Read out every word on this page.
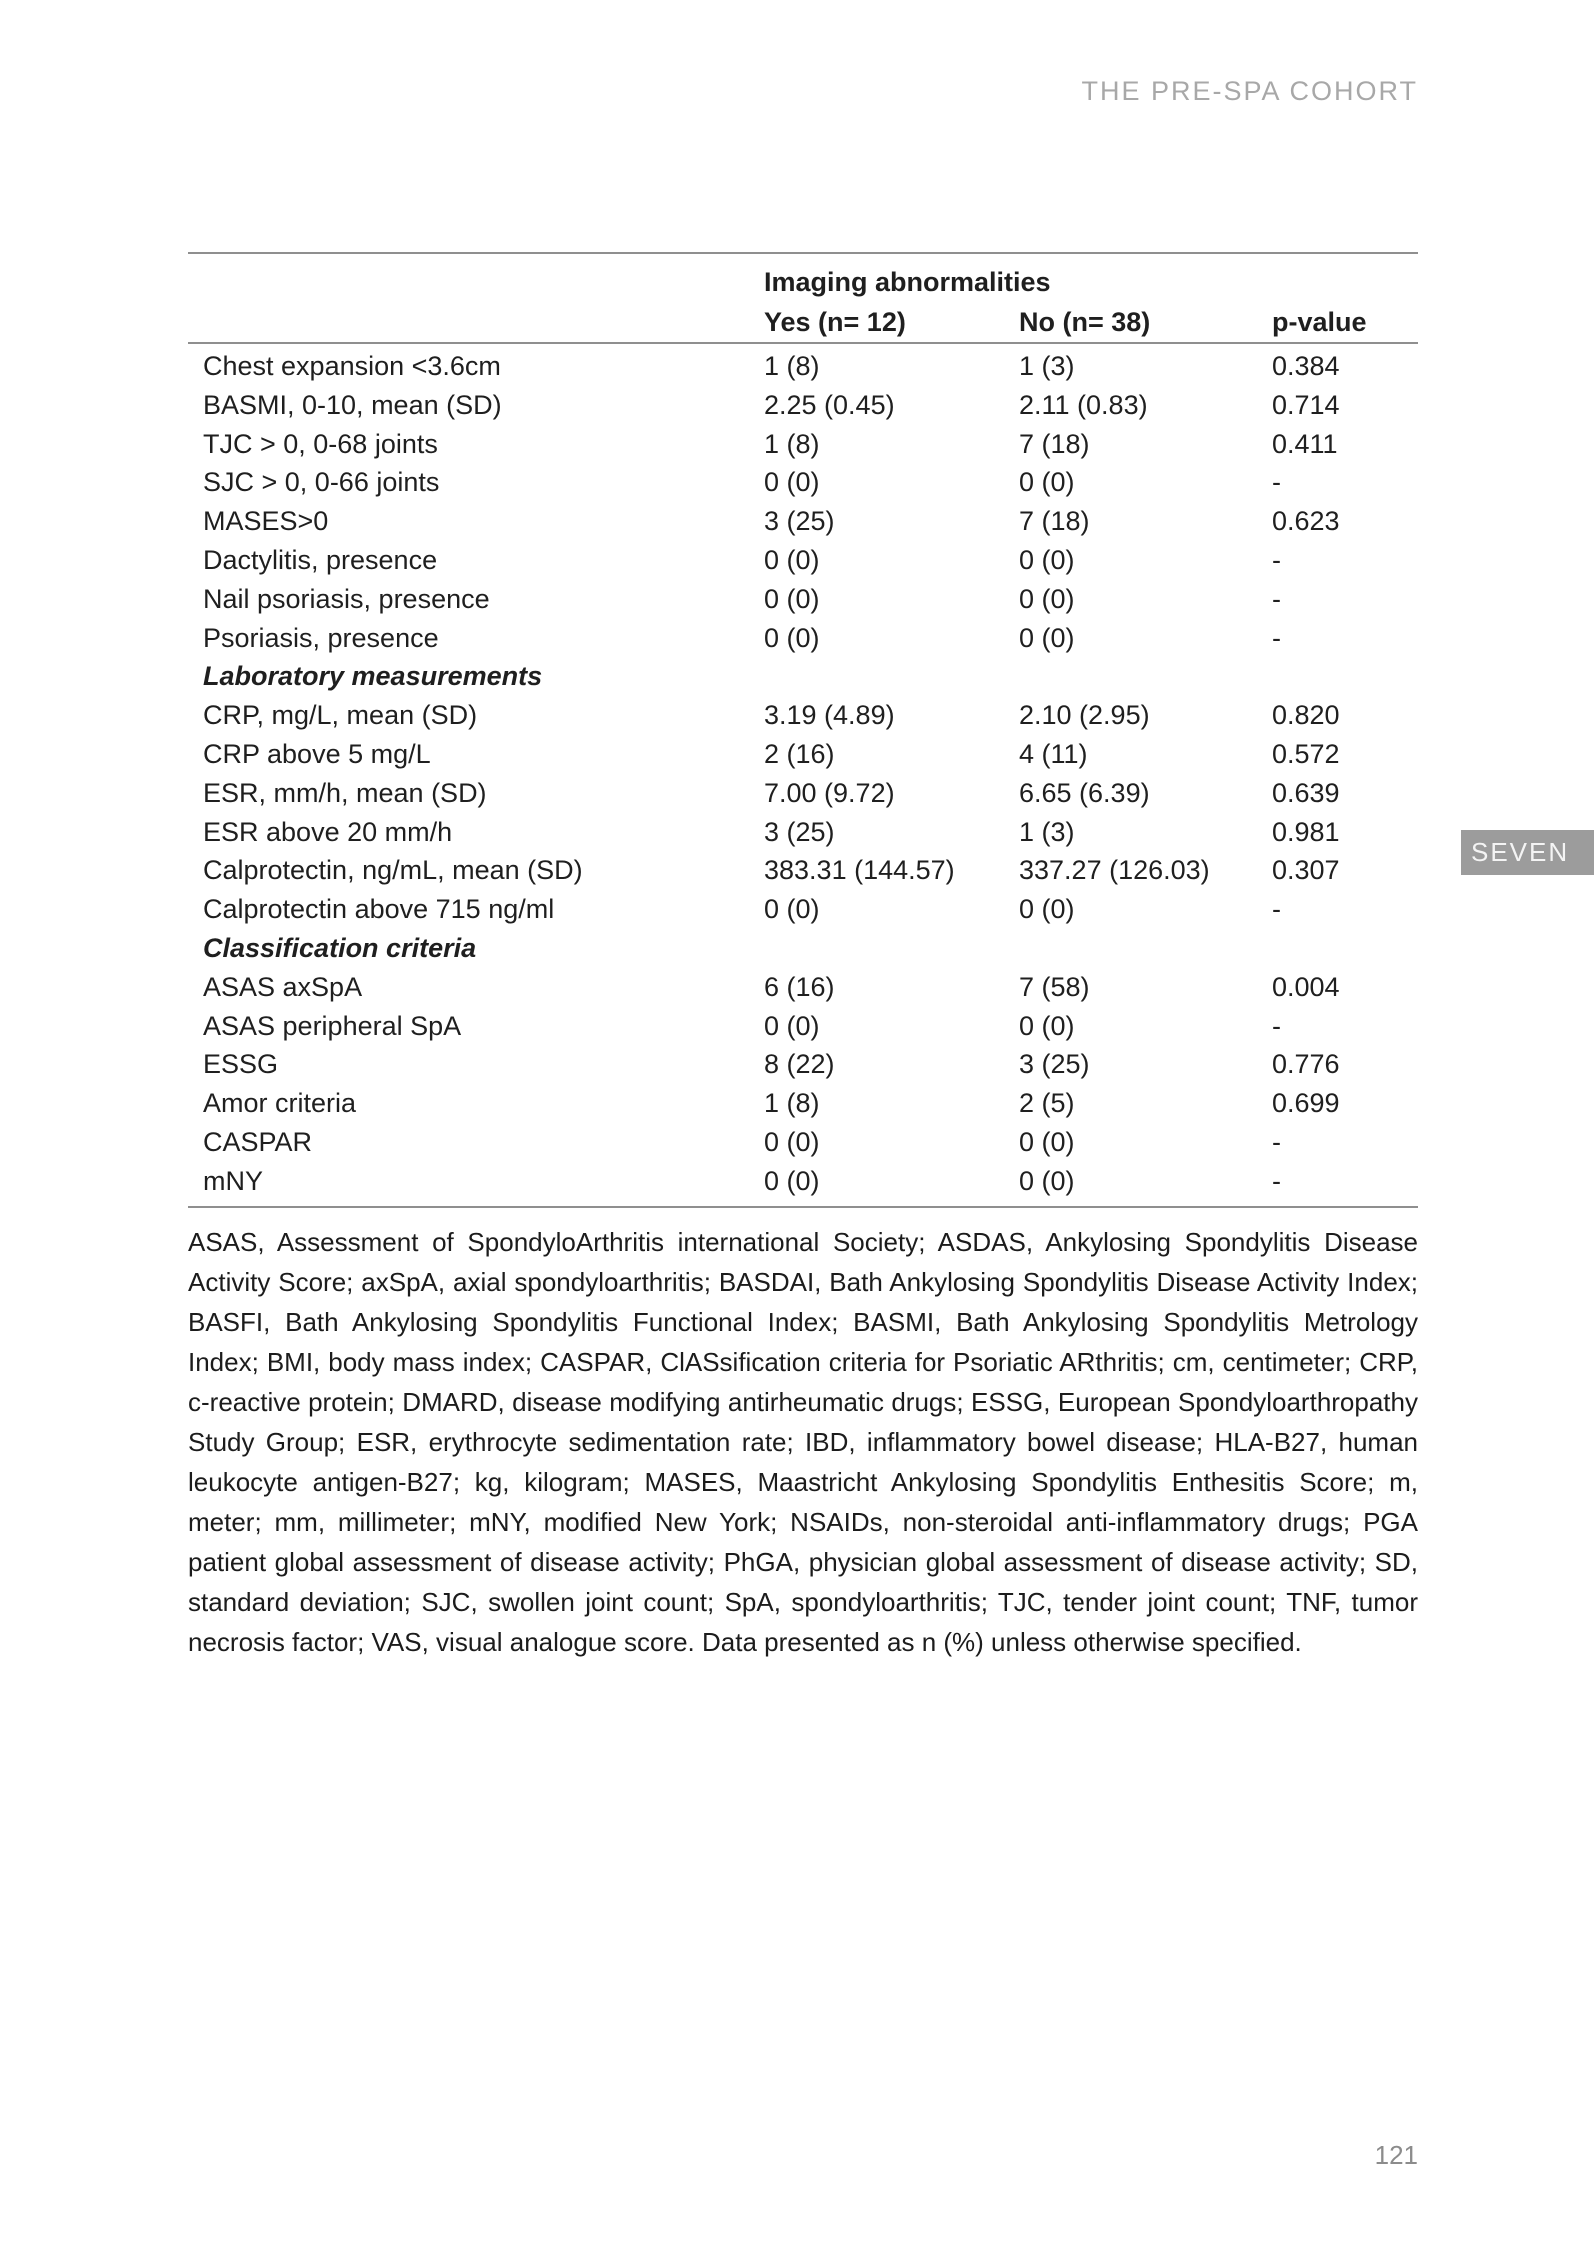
THE PRE-SPA COHORT
Imaging abnormalities
Yes (n= 12)	No (n= 38)	p-value
Chest expansion <3.6cm	1 (8)	1 (3)	0.384
BASMI, 0-10, mean (SD)	2.25 (0.45)	2.11 (0.83)	0.714
TJC > 0, 0-68 joints	1 (8)	7 (18)	0.411
SJC > 0, 0-66 joints	0 (0)	0 (0)	-
MASES>0	3 (25)	7 (18)	0.623
Dactylitis, presence	0 (0)	0 (0)	-
Nail psoriasis, presence	0 (0)	0 (0)	-
Psoriasis, presence	0 (0)	0 (0)	-
Laboratory measurements
CRP, mg/L, mean (SD)	3.19 (4.89)	2.10 (2.95)	0.820
CRP above 5 mg/L	2 (16)	4 (11)	0.572
ESR, mm/h, mean (SD)	7.00 (9.72)	6.65 (6.39)	0.639
ESR above 20 mm/h	3 (25)	1 (3)	0.981
Calprotectin, ng/mL, mean (SD)	383.31 (144.57)	337.27 (126.03)	0.307
Calprotectin above 715 ng/ml	0 (0)	0 (0)	-
Classification criteria
ASAS axSpA	6 (16)	7 (58)	0.004
ASAS peripheral SpA	0 (0)	0 (0)	-
ESSG	8 (22)	3 (25)	0.776
Amor criteria	1 (8)	2 (5)	0.699
CASPAR	0 (0)	0 (0)	-
mNY	0 (0)	0 (0)	-

ASAS, Assessment of SpondyloArthritis international Society; ASDAS, Ankylosing Spondylitis Disease Activity Score; axSpA, axial spondyloarthritis; BASDAI, Bath Ankylosing Spondylitis Disease Activity Index; BASFI, Bath Ankylosing Spondylitis Functional Index; BASMI, Bath Ankylosing Spondylitis Metrology Index; BMI, body mass index; CASPAR, ClASsification criteria for Psoriatic ARthritis; cm, centimeter; CRP, c-reactive protein; DMARD, disease modifying antirheumatic drugs; ESSG, European Spondyloarthropathy Study Group; ESR, erythrocyte sedimentation rate; IBD, inflammatory bowel disease; HLA-B27, human leukocyte antigen-B27; kg, kilogram; MASES, Maastricht Ankylosing Spondylitis Enthesitis Score; m, meter; mm, millimeter; mNY, modified New York; NSAIDs, non-steroidal anti-inflammatory drugs; PGA patient global assessment of disease activity; PhGA, physician global assessment of disease activity; SD, standard deviation; SJC, swollen joint count; SpA, spondyloarthritis; TJC, tender joint count; TNF, tumor necrosis factor; VAS, visual analogue score. Data presented as n (%) unless otherwise specified.

SEVEN
121
